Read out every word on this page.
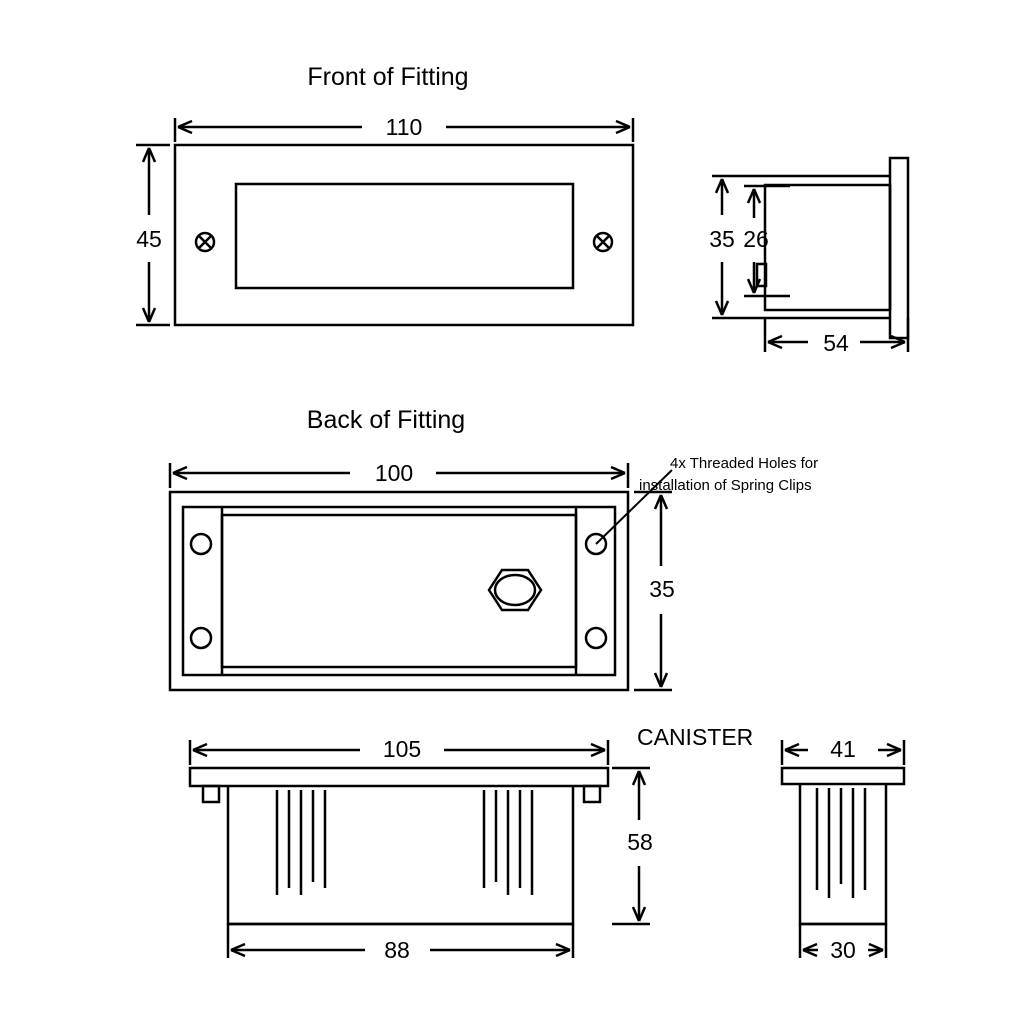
Front of Fitting
110
45	35 26
54
Back of Fitting
100
35
4x Threaded Holes for
installation of Spring Clips
105	CANISTER
58
88
41
30
